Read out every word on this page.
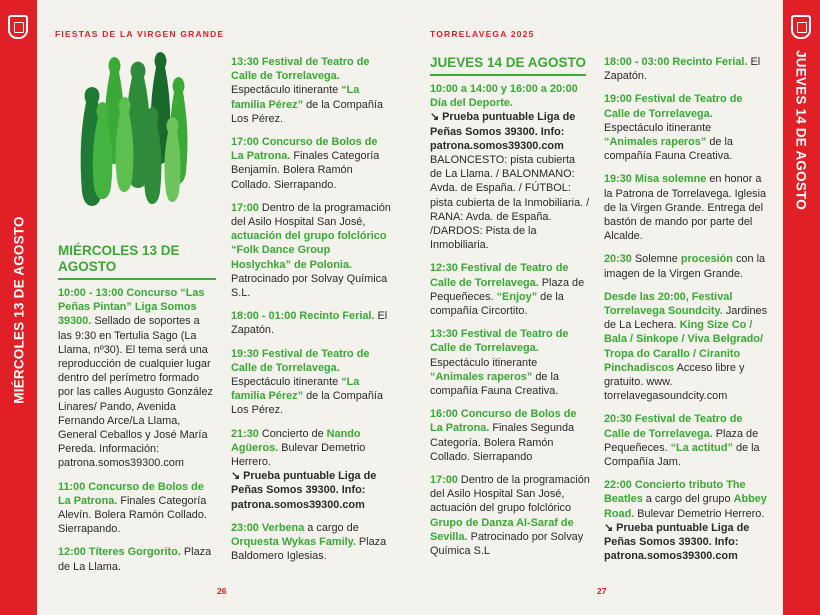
MIÉRCOLES 13 DE AGOSTO
JUEVES 14 DE AGOSTO
FIESTAS DE LA VIRGEN GRANDE	TORRELAVEGA 2025
MIÉRCOLES 13 DE AGOSTO

10:00 - 13:00 Concurso “Las Peñas Pintan” Liga Somos 39300. Sellado de soportes a las 9:30 en Tertulia Sago (La Llama, nº30). El tema será una reproducción de cualquier lugar dentro del perímetro formado por las calles Augusto González Linares/ Pando, Avenida Fernando Arce/La Llama, General Ceballos y José María Pereda. Información: patrona.somos39300.com

11:00 Concurso de Bolos de La Patrona. Finales Categoría Alevín. Bolera Ramón Collado. Sierrapando.

12:00 Títeres Gorgorito. Plaza de La Llama.

13:30 Festival de Teatro de Calle de Torrelavega. Espectáculo itinerante “La familia Pérez” de la Compañía Los Pérez.

17:00 Concurso de Bolos de La Patrona. Finales Categoría Benjamín. Bolera Ramón Collado. Sierrapando.

17:00 Dentro de la programación del Asilo Hospital San José, actuación del grupo folclórico “Folk Dance Group Hoslychka” de Polonia. Patrocinado por Solvay Química S.L.

18:00 - 01:00 Recinto Ferial. El Zapatón.

19:30 Festival de Teatro de Calle de Torrelavega. Espectáculo itinerante “La familia Pérez” de la Compañía Los Pérez.

21:30 Concierto de Nando Agüeros. Bulevar Demetrio Herrero.
↘ Prueba puntuable Liga de Peñas Somos 39300. Info: patrona.somos39300.com

23:00 Verbena a cargo de Orquesta Wykas Family. Plaza Baldomero Iglesias.

JUEVES 14 DE AGOSTO

10:00 a 14:00 y 16:00 a 20:00 Día del Deporte.
↘ Prueba puntuable Liga de Peñas Somos 39300. Info: patrona.somos39300.com
BALONCESTO: pista cubierta de La Llama. / BALONMANO: Avda. de España. / FÚTBOL: pista cubierta de la Inmobiliaria. / RANA: Avda. de España. /DARDOS: Pista de la Inmobiliaria.

12:30 Festival de Teatro de Calle de Torrelavega. Plaza de Pequeñeces. “Enjoy” de la compañía Circortito.

13:30 Festival de Teatro de Calle de Torrelavega. Espectáculo itinerante “Animales raperos” de la compañía Fauna Creativa.

16:00 Concurso de Bolos de La Patrona. Finales Segunda Categoría. Bolera Ramón Collado. Sierrapando

17:00 Dentro de la programación del Asilo Hospital San José, actuación del grupo folclórico Grupo de Danza Al-Saraf de Sevilla. Patrocinado por Solvay Química S.L

18:00 - 03:00 Recinto Ferial. El Zapatón.

19:00 Festival de Teatro de Calle de Torrelavega. Espectáculo itinerante “Animales raperos” de la compañía Fauna Creativa.

19:30 Misa solemne en honor a la Patrona de Torrelavega. Iglesia de la Virgen Grande. Entrega del bastón de mando por parte del Alcalde.

20:30 Solemne procesión con la imagen de la Virgen Grande.

Desde las 20:00, Festival Torrelavega Soundcity. Jardines de La Lechera. King Size Co / Bala / Sinkope / Viva Belgrado/ Tropa do Carallo / Ciranito Pinchadiscos Acceso libre y gratuito. www. torrelavegasoundcity.com

20:30 Festival de Teatro de Calle de Torrelavega. Plaza de Pequeñeces. “La actitud” de la Compañía Jam.

22:00 Concierto tributo The Beatles a cargo del grupo Abbey Road. Bulevar Demetrio Herrero.
↘ Prueba puntuable Liga de Peñas Somos 39300. Info: patrona.somos39300.com

26	27
